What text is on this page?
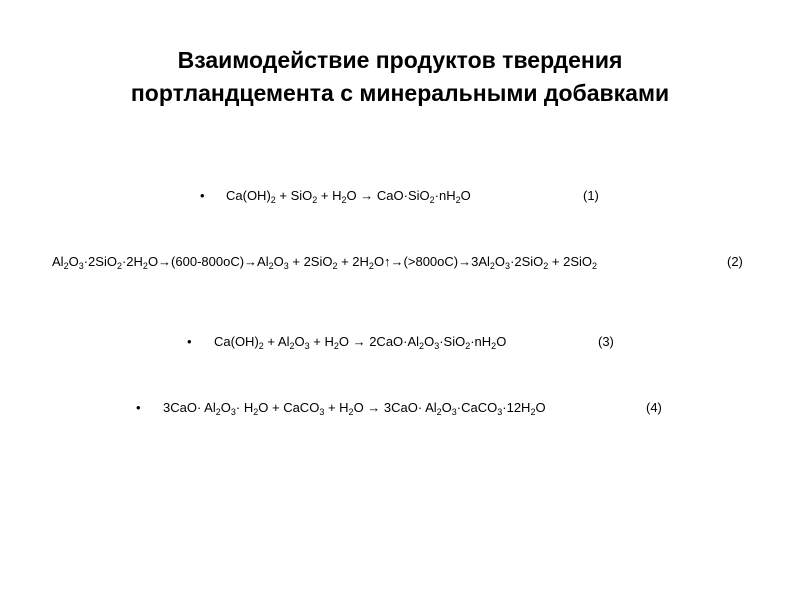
Взаимодействие продуктов твердения
портландцемента с минеральными добавками
• $Ca(OH)_2 + SiO_2 + H_2O \to CaO\cdot SiO_2\cdot nH_2O$	(1)
$Al_2O_3\cdot 2SiO_2\cdot 2H_2O\to(600-800oC)\to Al_2O_3 + 2SiO_2$ + $2H_2O↑\to(>800oC)\to 3Al_2O_3\cdot 2SiO_2 + 2SiO_2$	(2)
• $Ca(OH)_2 + Al_2O_3 + H_2O \to 2CaO\cdot Al_2O_3\cdot SiO_2\cdot nH_2O$	(3)
• $3CaO\cdot Al_2O_3\cdot H_2O$ + CaCO$_3$ + $H_2O \to 3CaO\cdot$ $Al_2O_3\cdot CaCO_3\cdot 12H_2O$	(4)
